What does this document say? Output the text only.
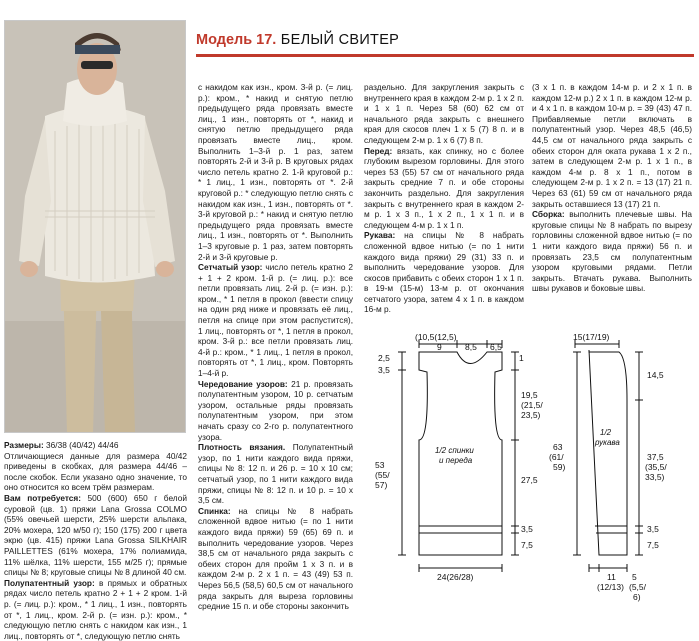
Модель 17. БЕЛЫЙ СВИТЕР

Размеры: 36/38 (40/42) 44/46

Отличающиеся данные для размера 40/42 приведены в скобках, для размера 44/46 – после скобок. Если указано одно значение, то оно относится ко всем трём размерам.

Вам потребуется: 500 (600) 650 г белой суровой (цв. 1) пряжи Lana Grossa COLMO (55% овечьей шерсти, 25% шерсти альпака, 20% мохера, 120 м/50 г); 150 (175) 200 г цвета экрю (цв. 415) пряжи Lana Grossa SILKHAIR PAILLETTES (61% мохера, 17% полиамида, 11% шёлка, 11% шерсти, 155 м/25 г); прямые спицы № 8; круговые спицы № 8 длиной 40 см.

Полупатентный узор: в прямых и обратных рядах число петель кратно 2 + 1 + 2 кром. 1-й р. (= лиц. р.): кром., * 1 лиц., 1 изн., повторять от *, 1 лиц., кром. 2-й р. (= изн. р.): кром., * следующую петлю снять с накидом как изн., 1 лиц., повторять от *, следующую петлю снять

с накидом как изн., кром. 3-й р. (= лиц. р.): кром., * накид и снятую петлю предыдущего ряда провязать вместе лиц., 1 изн., повторять от *, накид и снятую петлю предыдущего ряда провязать вместе лиц., кром. Выполнить 1–3-й р. 1 раз, затем повторять 2-й и 3-й р. В круговых рядах число петель кратно 2. 1-й круговой р.: * 1 лиц., 1 изн., повторять от *. 2-й круговой р.: * следующую петлю снять с накидом как изн., 1 изн., повторять от *. 3-й круговой р.: * накид и снятую петлю предыдущего ряда провязать вместе лиц., 1 изн., повторять от *. Выполнить 1–3 круговые р. 1 раз, затем повторять 2-й и 3-й круговые р.

Сетчатый узор: число петель кратно 2 + 1 + 2 кром. 1-й р. (= лиц. р.): все петли провязать лиц. 2-й р. (= изн. р.): кром., * 1 петля в прокол (ввести спицу на один ряд ниже и провязать её лиц., петля на спице при этом распустится), 1 лиц., повторять от *, 1 петля в прокол, кром. 3-й р.: все петли провязать лиц. 4-й р.: кром., * 1 лиц., 1 петля в прокол, повторять от *, 1 лиц., кром. Повторять 1–4-й р.

Чередование узоров: 21 р. провязать полупатентным узором, 10 р. сетчатым узором, остальные ряды провязать полупатентным узором, при этом начать сразу со 2-го р. полупатентного узора.

Плотность вязания. Полупатентный узор, по 1 нити каждого вида пряжи, спицы № 8: 12 п. и 26 р. = 10 х 10 см; сетчатый узор, по 1 нити каждого вида пряжи, спицы № 8: 12 п. и 10 р. = 10 х 3,5 см.

Спинка: на спицы № 8 набрать сложенной вдвое нитью (= по 1 нити каждого вида пряжи) 59 (65) 69 п. и выполнить чередование узоров. Через 38,5 см от начального ряда закрыть с обеих сторон для пройм 1 х 3 п. и в каждом 2-м р. 2 х 1 п. = 43 (49) 53 п. Через 56,5 (58,5) 60,5 см от начального ряда закрыть для выреза горловины средние 15 п. и обе стороны закончить

раздельно. Для закругления закрыть с внутреннего края в каждом 2-м р. 1 х 2 п. и 1 х 1 п. Через 58 (60) 62 см от начального ряда закрыть с внешнего края для скосов плеч 1 х 5 (7) 8 п. и в следующем 2-м р. 1 х 6 (7) 8 п.

Перед: вязать, как спинку, но с более глубоким вырезом горловины. Для этого через 53 (55) 57 см от начального ряда закрыть средние 7 п. и обе стороны закончить раздельно. Для закругления закрыть с внутреннего края в каждом 2-м р. 1 х 3 п., 1 х 2 п., 1 х 1 п. и в следующем 4-м р. 1 х 1 п.

Рукава: на спицы № 8 набрать сложенной вдвое нитью (= по 1 нити каждого вида пряжи) 29 (31) 33 п. и выполнить чередование узоров. Для скосов прибавить с обеих сторон 1 х 1 п. в 19-м (15-м) 13-м р. от окончания сетчатого узора, затем 4 х 1 п. в каждом 16-м р.

(3 х 1 п. в каждом 14-м р. и 2 х 1 п. в каждом 12-м р.) 2 х 1 п. в каждом 12-м р. и 4 х 1 п. в каждом 10-м р. = 39 (43) 47 п. Прибавляемые петли включать в полупатентный узор. Через 48,5 (46,5) 44,5 см от начального ряда закрыть с обеих сторон для оката рукава 1 х 2 п., затем в следующем 2-м р. 1 х 1 п., в каждом 4-м р. 8 х 1 п., потом в следующем 2-м р. 1 х 2 п. = 13 (17) 21 п. Через 63 (61) 59 см от начального ряда закрыть оставшиеся 13 (17) 21 п.

Сборка: выполнить плечевые швы. На круговые спицы № 8 набрать по вырезу горловины сложенной вдвое нитью (= по 1 нити каждого вида пряжи) 56 п. и провязать 23,5 см полупатентным узором круговыми рядами. Петли закрыть. Втачать рукава. Выполнить швы рукавов и боковые швы.

(10,5(12,5)
9	8,5 6,5
2,5
3,5
1
19,5
(21,5/
23,5)
53
(55/
57)	27,5
1/2 спинки
и переда
3,5
7,5
24(26/28)
15(17/19)
14,5
1/2
рукава
63
(61/
59)
37,5
(35,5/
33,5)
3,5
7,5
11
(12/13)
5
(5,5/
6)
